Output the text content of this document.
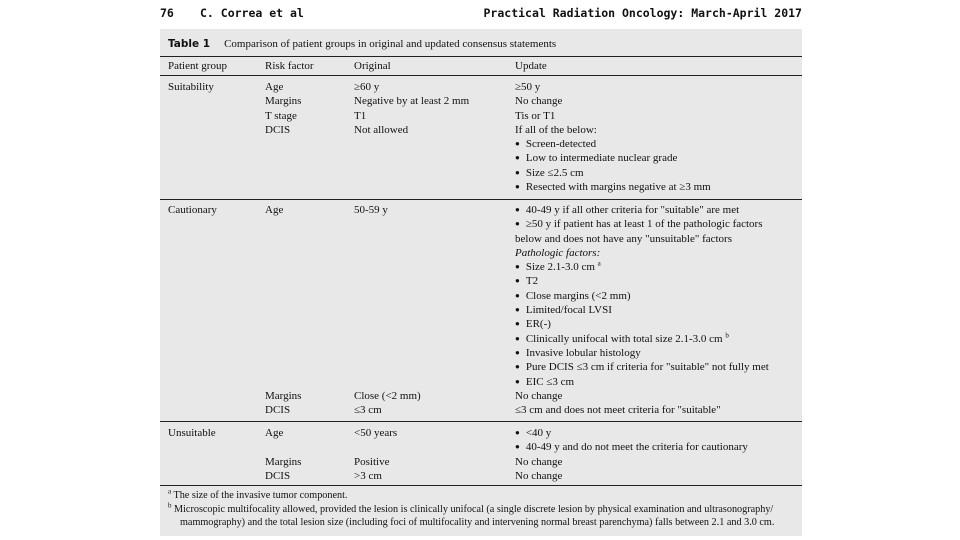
76 C. Correa et al	Practical Radiation Oncology: March-April 2017
Table 1 Comparison of patient groups in original and updated consensus statements
Patient group	Risk factor	Original	Update
Suitability	Age
Margins
T stage
DCIS
≥60 y
Negative by at least 2 mm
T1
Not allowed
≥50 y
No change
Tis or T1
If all of the below:
● Screen-detected
● Low to intermediate nuclear grade
● Size ≤2.5 cm
● Resected with margins negative at ≥3 mm
Cautionary	Age	50-59 y
●	40-49 y if all other criteria for "suitable" are met
● ≥50 y if patient has at least 1 of the pathologic factors
below and does not have any "unsuitable" factors
Pathologic factors:
● Size 2.1-3.0 cm $^a$
● T2
● Close margins (<2 mm)
● Limited/focal LVSI
● ER(-)
● Clinically unifocal with total size 2.1-3.0 cm $^b$
● Invasive lobular histology
● Pure DCIS ≤3 cm if criteria for "suitable" not fully met
● EIC ≤3 cm
No change
≤3 cm and does not meet criteria for "suitable"
Margins
DCIS
Close (<2 mm)
≤3 cm
Unsuitable	Age
Margins
DCIS
<50 years
Positive
>3 cm
● <40 y
● 40-49 y and do not meet the criteria for cautionary
No change
No change
$^a$ The size of the invasive tumor component.
$^b$ Microscopic multifocality allowed, provided the lesion is clinically unifocal (a single discrete lesion by physical examination and ultrasonography/
mammography) and the total lesion size (including foci of multifocality and intervening normal breast parenchyma) falls between 2.1 and 3.0 cm.
